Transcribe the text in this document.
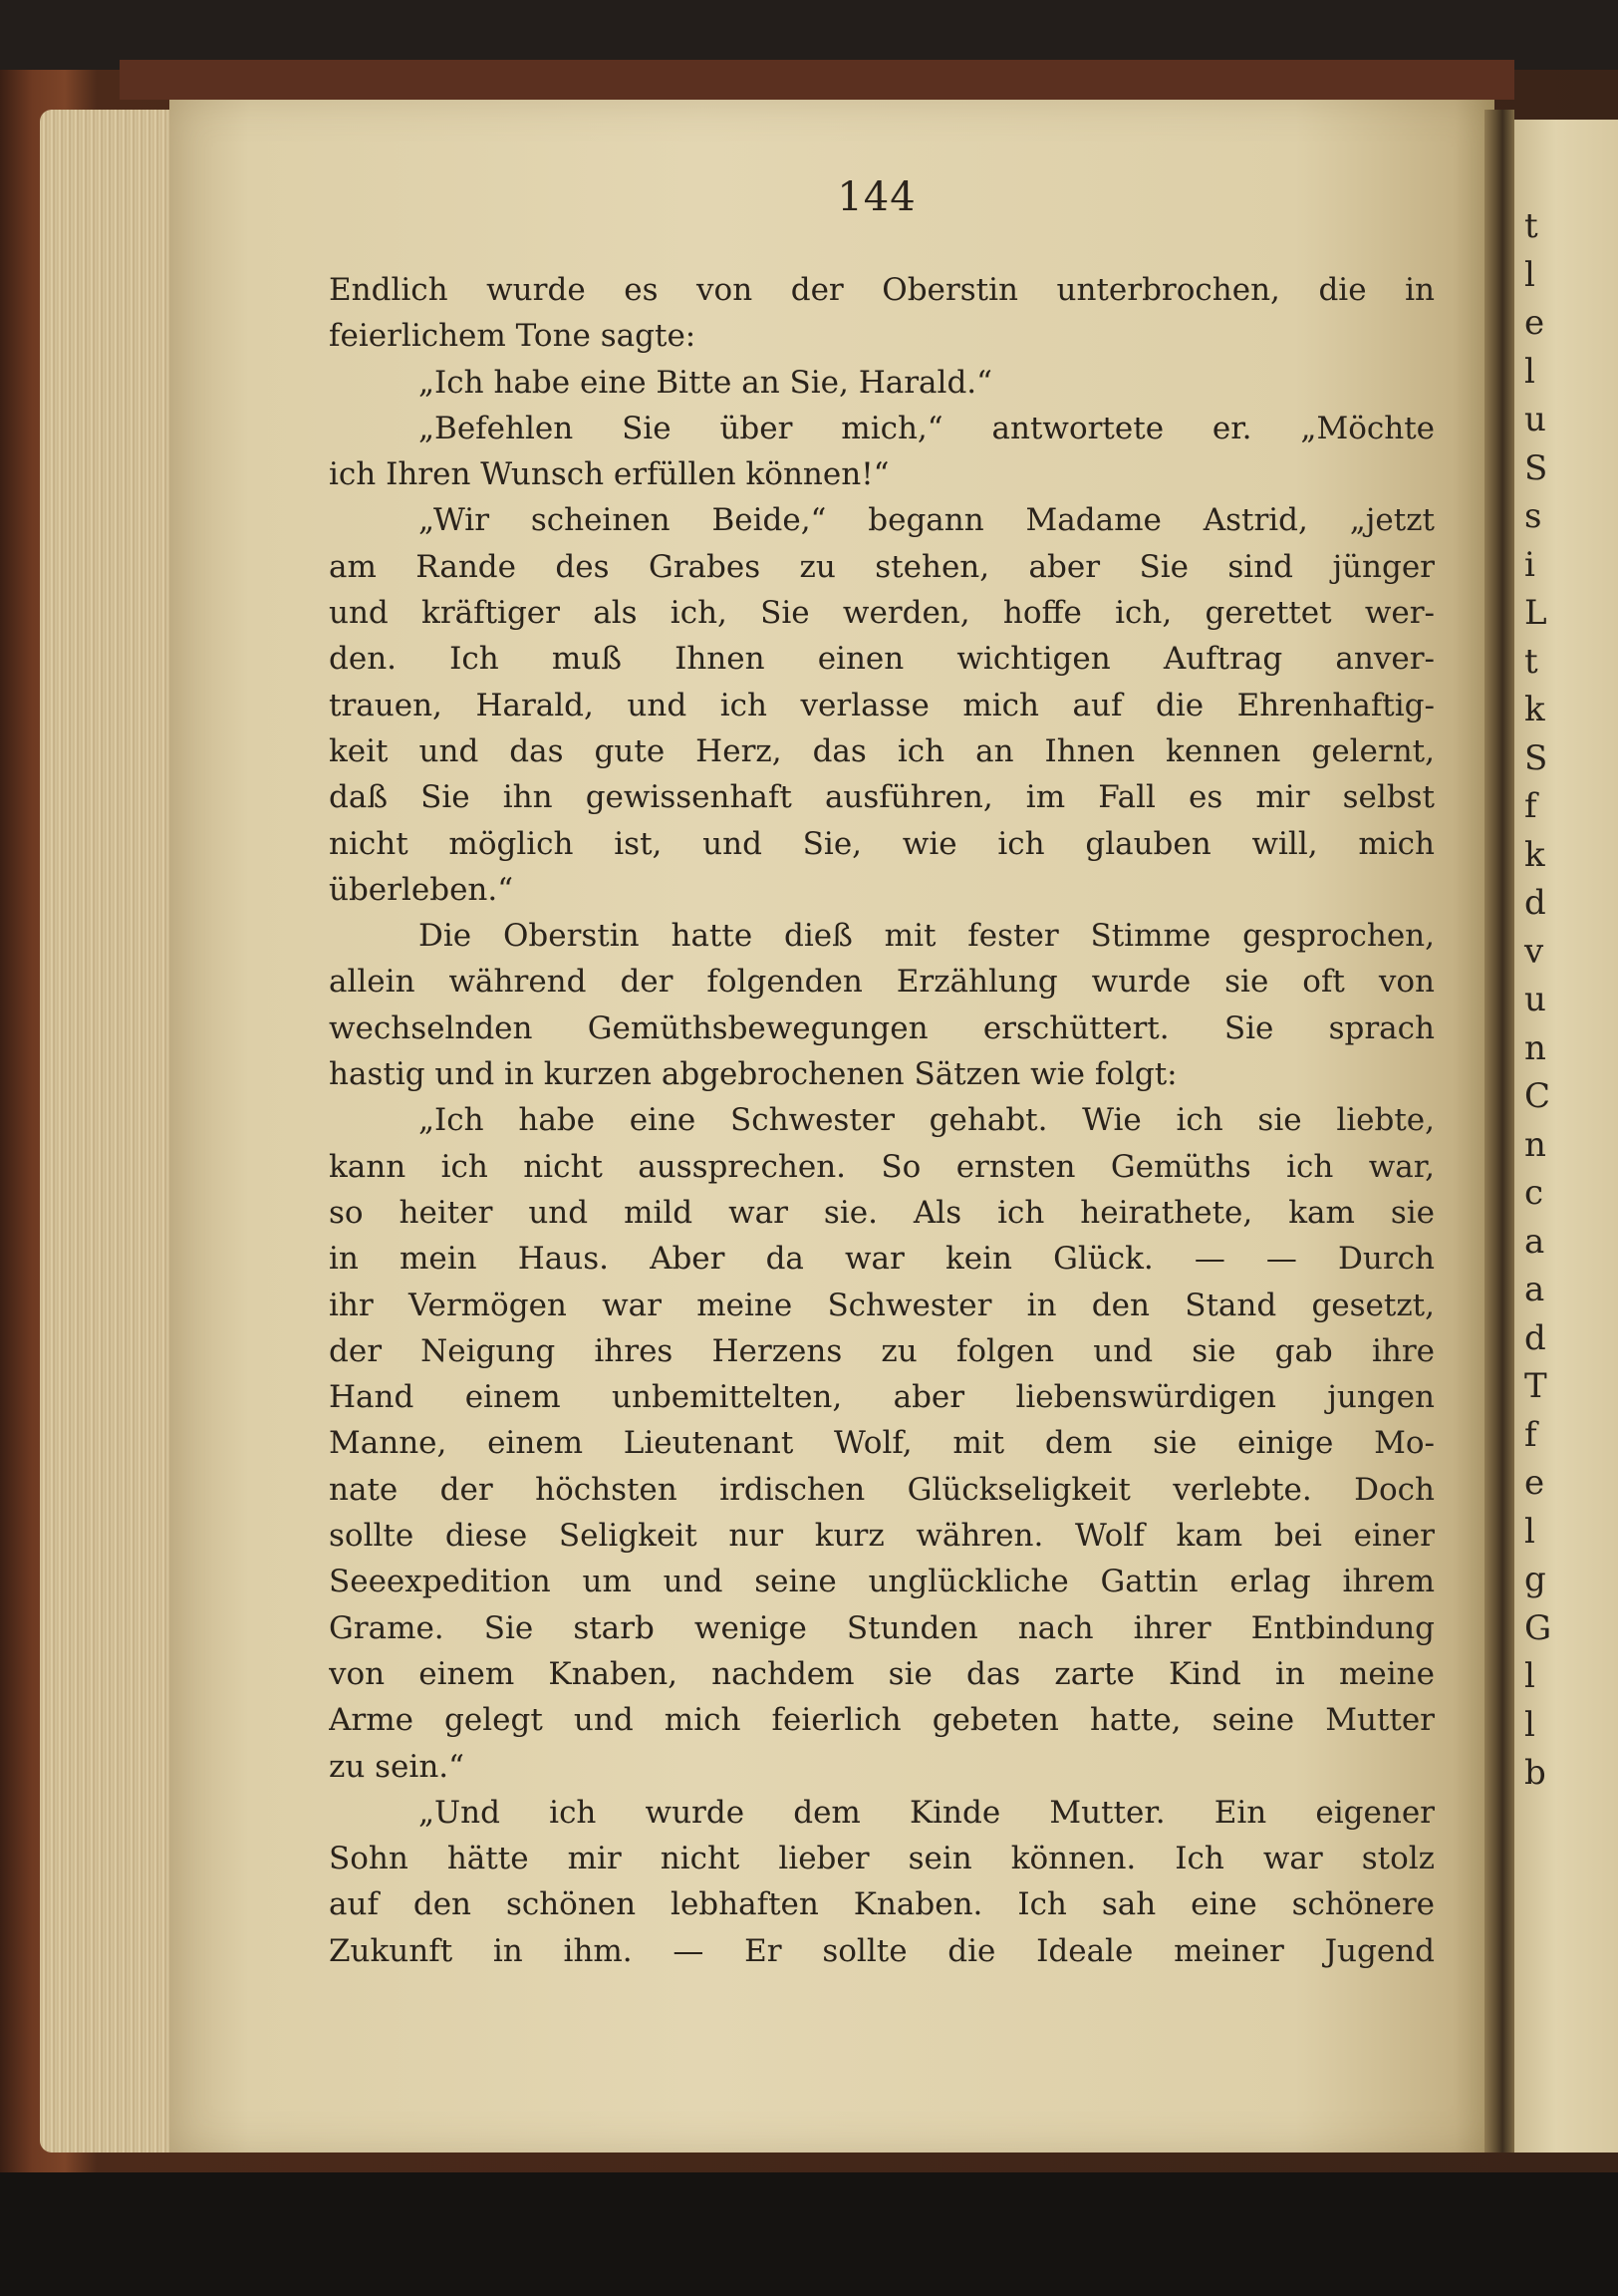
t
l
e
l
u
S
s
i
L
t
k
S
f
k
d
v
u
n
C
n
c
a
a
d
T
f
e
l
g
G
l
l
b
144
Endlich wurde es von der Oberstin unterbrochen, die in
feierlichem Tone sagte:
„Ich habe eine Bitte an Sie, Harald.“
„Befehlen Sie über mich,“ antwortete er. „Möchte
ich Ihren Wunsch erfüllen können!“
„Wir scheinen Beide,“ begann Madame Astrid, „jetzt
am Rande des Grabes zu stehen, aber Sie sind jünger
und kräftiger als ich, Sie werden, hoffe ich, gerettet wer-
den. Ich muß Ihnen einen wichtigen Auftrag anver-
trauen, Harald, und ich verlasse mich auf die Ehrenhaftig-
keit und das gute Herz, das ich an Ihnen kennen gelernt,
daß Sie ihn gewissenhaft ausführen, im Fall es mir selbst
nicht möglich ist, und Sie, wie ich glauben will, mich
überleben.“
Die Oberstin hatte dieß mit fester Stimme gesprochen,
allein während der folgenden Erzählung wurde sie oft von
wechselnden Gemüthsbewegungen erschüttert. Sie sprach
hastig und in kurzen abgebrochenen Sätzen wie folgt:
„Ich habe eine Schwester gehabt. Wie ich sie liebte,
kann ich nicht aussprechen. So ernsten Gemüths ich war,
so heiter und mild war sie. Als ich heirathete, kam sie
in mein Haus. Aber da war kein Glück. — — Durch
ihr Vermögen war meine Schwester in den Stand gesetzt,
der Neigung ihres Herzens zu folgen und sie gab ihre
Hand einem unbemittelten, aber liebenswürdigen jungen
Manne, einem Lieutenant Wolf, mit dem sie einige Mo-
nate der höchsten irdischen Glückseligkeit verlebte. Doch
sollte diese Seligkeit nur kurz währen. Wolf kam bei einer
Seeexpedition um und seine unglückliche Gattin erlag ihrem
Grame. Sie starb wenige Stunden nach ihrer Entbindung
von einem Knaben, nachdem sie das zarte Kind in meine
Arme gelegt und mich feierlich gebeten hatte, seine Mutter
zu sein.“
„Und ich wurde dem Kinde Mutter. Ein eigener
Sohn hätte mir nicht lieber sein können. Ich war stolz
auf den schönen lebhaften Knaben. Ich sah eine schönere
Zukunft in ihm. — Er sollte die Ideale meiner Jugend
